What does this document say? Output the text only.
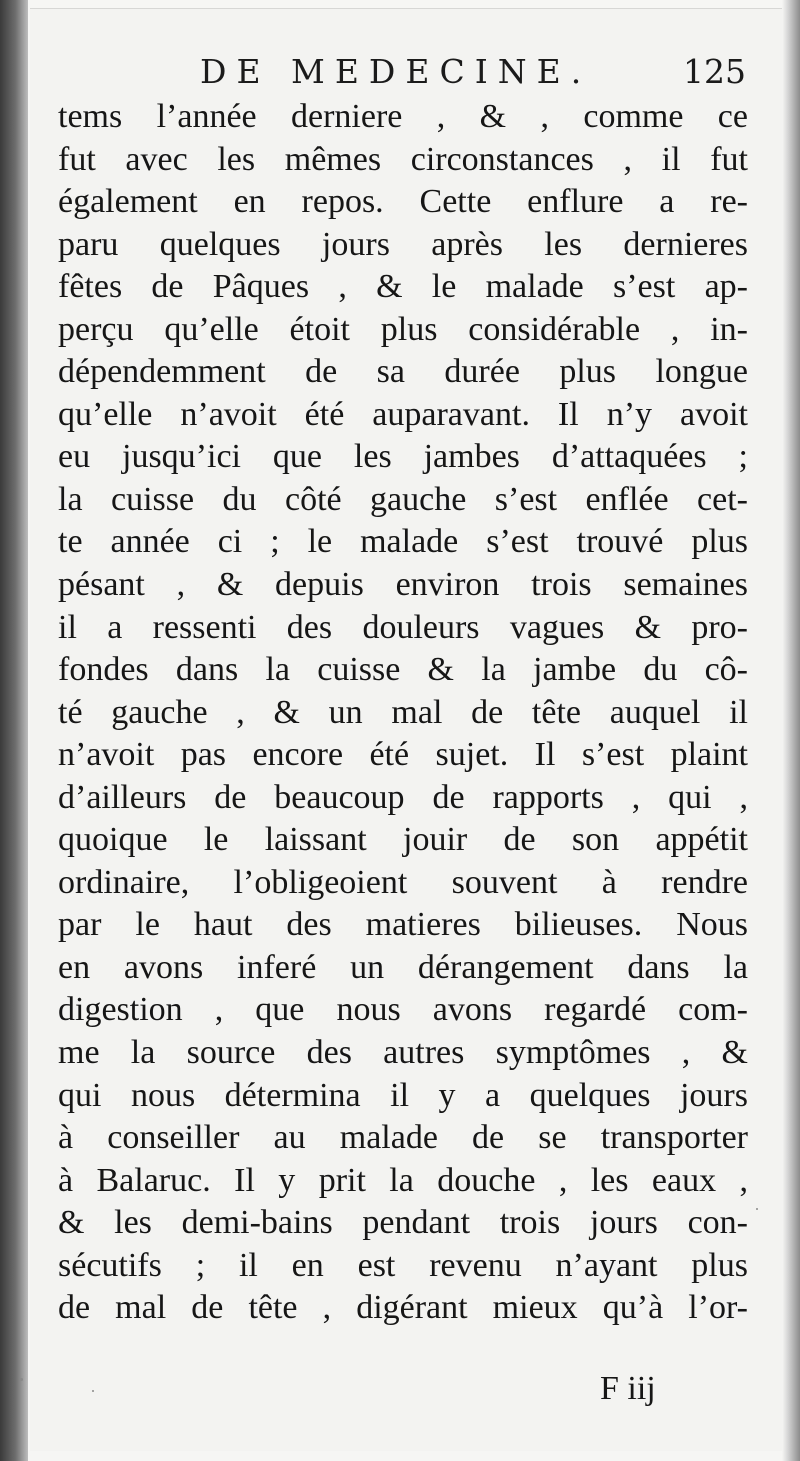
DE MEDECINE.	125
tems l’année derniere , & , comme ce
fut avec les mêmes circonstances , il fut
également en repos. Cette enflure a re-
paru quelques jours après les dernieres
fêtes de Pâques , & le malade s’est ap-
perçu qu’elle étoit plus considérable , in-
dépendemment de sa durée plus longue
qu’elle n’avoit été auparavant. Il n’y avoit
eu jusqu’ici que les jambes d’attaquées ;
la cuisse du côté gauche s’est enflée cet-
te année ci ; le malade s’est trouvé plus
pésant , & depuis environ trois semaines
il a ressenti des douleurs vagues & pro-
fondes dans la cuisse & la jambe du cô-
té gauche , & un mal de tête auquel il
n’avoit pas encore été sujet. Il s’est plaint
d’ailleurs de beaucoup de rapports , qui ,
quoique le laissant jouir de son appétit
ordinaire, l’obligeoient souvent à rendre
par le haut des matieres bilieuses. Nous
en avons inferé un dérangement dans la
digestion , que nous avons regardé com-
me la source des autres symptômes , &
qui nous détermina il y a quelques jours
à conseiller au malade de se transporter
à Balaruc. Il y prit la douche , les eaux ,
& les demi-bains pendant trois jours con-
sécutifs ; il en est revenu n’ayant plus
de mal de tête , digérant mieux qu’à l’or-
F iij
